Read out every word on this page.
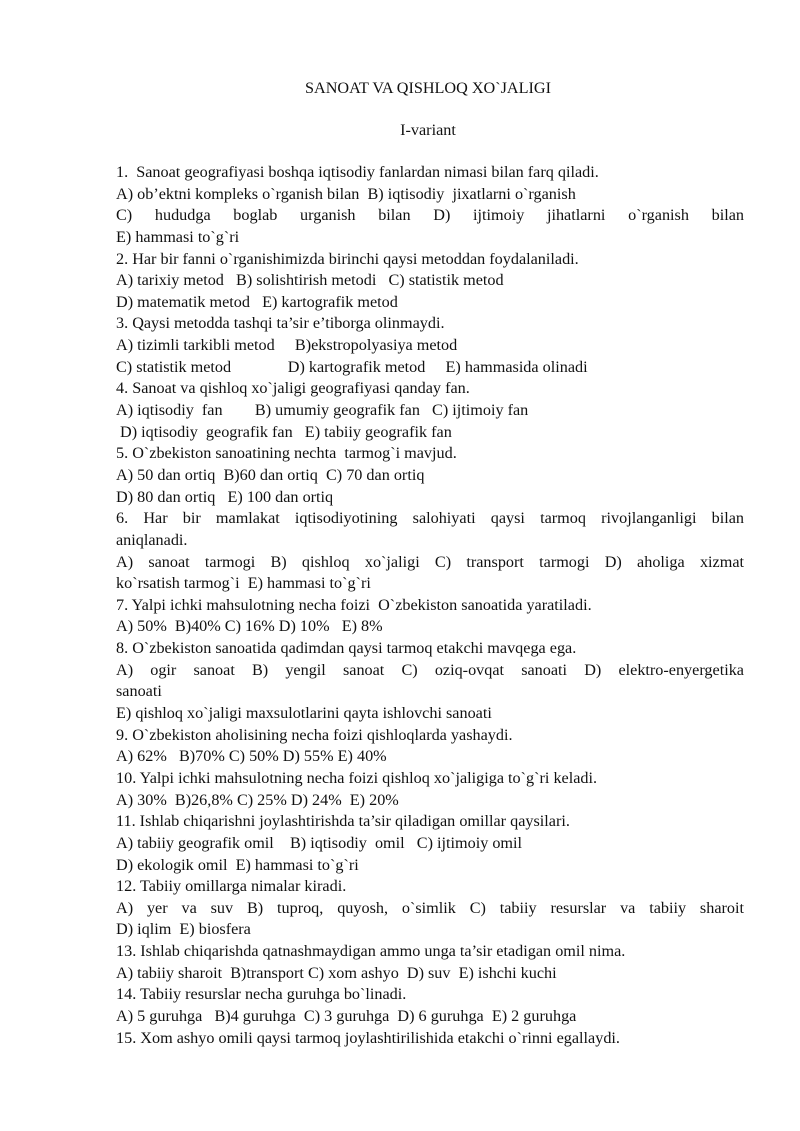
SANOAT VA QISHLOQ XO`JALIGI
I-variant
1.  Sanoat geografiyasi boshqa iqtisodiy fanlardan nimasi bilan farq qiladi.
A) ob’ektni kompleks o`rganish bilan  B) iqtisodiy  jixatlarni o`rganish
C) hududga boglab urganish bilan D) ijtimoiy jihatlarni o`rganish bilan
E) hammasi to`g`ri
2. Har bir fanni o`rganishimizda birinchi qaysi metoddan foydalaniladi.
A) tarixiy metod   B) solishtirish metodi   C) statistik metod
D) matematik metod   E) kartografik metod
3. Qaysi metodda tashqi ta’sir e’tiborga olinmaydi.
A) tizimli tarkibli metod     B)ekstropolyasiya metod
C) statistik metod              D) kartografik metod     E) hammasida olinadi
4. Sanoat va qishloq xo`jaligi geografiyasi qanday fan.
A) iqtisodiy  fan        B) umumiy geografik fan   C) ijtimoiy fan
D) iqtisodiy  geografik fan   E) tabiiy geografik fan
5. O`zbekiston sanoatining nechta  tarmog`i mavjud.
A) 50 dan ortiq  B)60 dan ortiq  C) 70 dan ortiq
D) 80 dan ortiq   E) 100 dan ortiq
6. Har bir mamlakat iqtisodiyotining salohiyati qaysi tarmoq rivojlanganligi bilan
aniqlanadi.
A) sanoat tarmogi B) qishloq xo`jaligi C) transport tarmogi D) aholiga xizmat
ko`rsatish tarmog`i  E) hammasi to`g`ri
7. Yalpi ichki mahsulotning necha foizi  O`zbekiston sanoatida yaratiladi.
A) 50%  B)40% C) 16% D) 10%   E) 8%
8. O`zbekiston sanoatida qadimdan qaysi tarmoq etakchi mavqega ega.
A) ogir sanoat B) yengil sanoat C) oziq-ovqat sanoati D) elektro-enyergetika
sanoati
E) qishloq xo`jaligi maxsulotlarini qayta ishlovchi sanoati
9. O`zbekiston aholisining necha foizi qishloqlarda yashaydi.
A) 62%   B)70% C) 50% D) 55% E) 40%
10. Yalpi ichki mahsulotning necha foizi qishloq xo`jaligiga to`g`ri keladi.
A) 30%  B)26,8% C) 25% D) 24%  E) 20%
11. Ishlab chiqarishni joylashtirishda ta’sir qiladigan omillar qaysilari.
A) tabiiy geografik omil    B) iqtisodiy  omil   C) ijtimoiy omil
D) ekologik omil  E) hammasi to`g`ri
12. Tabiiy omillarga nimalar kiradi.
A) yer va suv B) tuproq, quyosh, o`simlik C) tabiiy resurslar va tabiiy sharoit
D) iqlim  E) biosfera
13. Ishlab chiqarishda qatnashmaydigan ammo unga ta’sir etadigan omil nima.
A) tabiiy sharoit  B)transport C) xom ashyo  D) suv  E) ishchi kuchi
14. Tabiiy resurslar necha guruhga bo`linadi.
A) 5 guruhga   B)4 guruhga  C) 3 guruhga  D) 6 guruhga  E) 2 guruhga
15. Xom ashyo omili qaysi tarmoq joylashtirilishida etakchi o`rinni egallaydi.
